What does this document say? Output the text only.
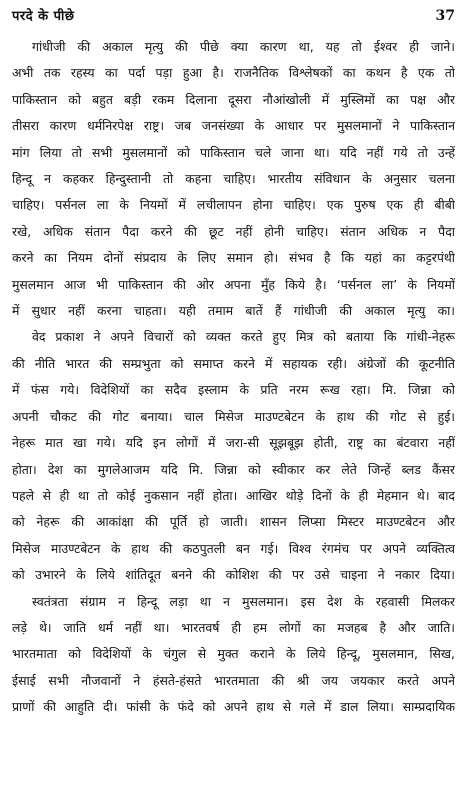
परदे के पीछे	37

गांधीजी की अकाल मृत्यु की पीछे क्या कारण था, यह तो ईश्वर ही जाने।
अभी तक रहस्य का पर्दा पड़ा हुआ है। राजनैतिक विश्लेषकों का कथन है एक तो
पाकिस्तान को बहुत बड़ी रकम दिलाना दूसरा नौआंखोली में मुस्लिमों का पक्ष और
तीसरा कारण धर्मनिरपेक्ष राष्ट्र। जब जनसंख्या के आधार पर मुसलमानों ने पाकिस्तान
मांग लिया तो सभी मुसलमानों को पाकिस्तान चले जाना था। यदि नहीं गये तो उन्हें
हिन्दू न कहकर हिन्दुस्तानी तो कहना चाहिए। भारतीय संविधान के अनुसार चलना
चाहिए। पर्सनल ला के नियमों में लचीलापन होना चाहिए। एक पुरुष एक ही बीबी
रखे, अधिक संतान पैदा करने की छूट नहीं होनी चाहिए। संतान अधिक न पैदा
करने का नियम दोनों संप्रदाय के लिए समान हो। संभव है कि यहां का कट्टरपंथी
मुसलमान आज भी पाकिस्तान की ओर अपना मुँह किये है। ‘पर्सनल ला’ के नियमों
में सुधार नहीं करना चाहता। यही तमाम बातें हैं गांधीजी की अकाल मृत्यु का।

वेद प्रकाश ने अपने विचारों को व्यक्त करते हुए मित्र को बताया कि गांधी-नेहरू
की नीति भारत की सम्प्रभुता को समाप्त करने में सहायक रही। अंग्रेजों की कूटनीति
में फंस गये। विदेशियों का सदैव इस्लाम के प्रति नरम रूख रहा। मि. जिन्ना को
अपनी चौकट की गोट बनाया। चाल मिसेज माउण्टबेटन के हाथ की गोट से हुई।
नेहरू मात खा गये। यदि इन लोगों में जरा-सी सूझबूझ होती, राष्ट्र का बंटवारा नहीं
होता। देश का मुगलेआजम यदि मि. जिन्ना को स्वीकार कर लेते जिन्हें ब्लड कैंसर
पहले से ही था तो कोई नुकसान नहीं होता। आखिर थोड़े दिनों के ही मेहमान थे। बाद
को नेहरू की आकांक्षा की पूर्ति हो जाती। शासन लिप्सा मिस्टर माउण्टबेटन और
मिसेज माउण्टबेटन के हाथ की कठपुतली बन गई। विश्व रंगमंच पर अपने व्यक्तित्व
को उभारने के लिये शांतिदूत बनने की कोशिश की पर उसे चाइना ने नकार दिया।

स्वतंत्रता संग्राम न हिन्दू लड़ा था न मुसलमान। इस देश के रहवासी मिलकर
लड़े थे। जाति धर्म नहीं था। भारतवर्ष ही हम लोगों का मजहब है और जाति।
भारतमाता को विदेशियों के चंगुल से मुक्त कराने के लिये हिन्दू, मुसलमान, सिख,
ईसाई सभी नौजवानों ने हंसते-हंसते भारतमाता की श्री जय जयकार करते अपने
प्राणों की आहुति दी। फांसी के फंदे को अपने हाथ से गले में डाल लिया। साम्प्रदायिक
